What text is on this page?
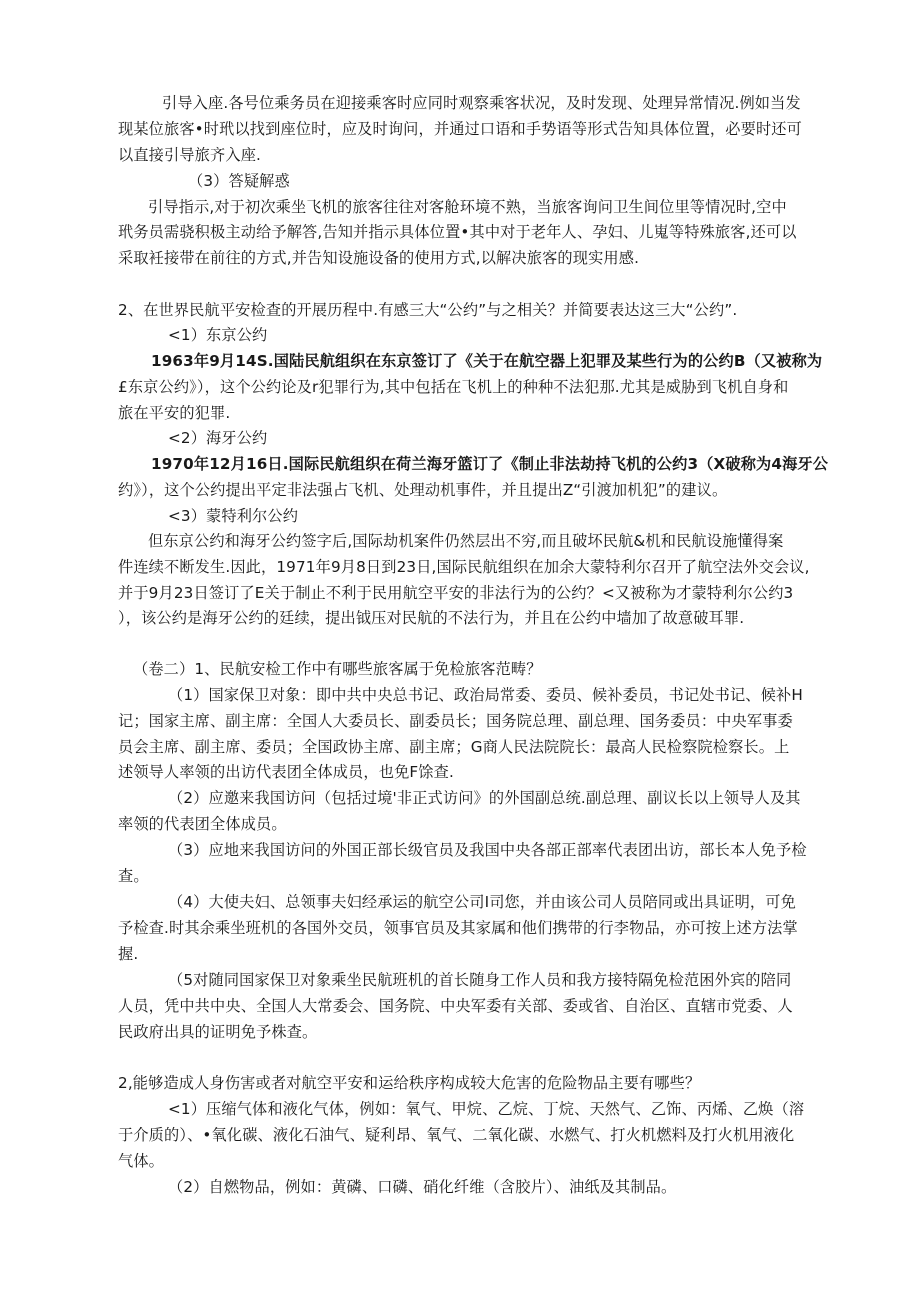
引导入座.各号位乘务员在迎接乘客时应同时观察乘客状况，及时发现、处理异常情况.例如当发
现某位旅客•时玳以找到座位时，应及时询问，并通过口语和手势语等形式告知具体位置，必要时还可
以直接引导旅齐入座.
（3）答疑解惑
引导指示,对于初次乘坐飞机的旅客往往对客舱环境不熟，当旅客询问卫生间位里等情况时,空中
玳务员需骁积极主动给予解答,告知并指示具体位置•其中对于老年人、孕妇、儿嵬等特殊旅客,还可以
采取衽接带在前往的方式,并告知设施设备的使用方式,以解决旅客的现实用感.
2、在世界民航平安检查的开展历程中.有感三大“公约”与之相关？并简要表达这三大“公约”.
<1）东京公约
1963年9月14S.国陆民航组织在东京签订了《关于在航空器上犯罪及某些行为的公约B（又被称为
£东京公约》），这个公约论及r犯罪行为,其中包括在飞机上的种种不法犯那.尤其是威胁到飞机自身和
旅在平安的犯罪.
<2）海牙公约
1970年12月16日.国际民航组织在荷兰海牙篮订了《制止非法劫持飞机的公约3（X破称为4海牙公
约》），这个公约提出平定非法强占飞机、处理动机事件，并且提出Z“引渡加机犯”的建议。
<3）蒙特利尔公约
但东京公约和海牙公约签字后,国际劫机案件仍然层出不穷,而且破坏民航&机和民航设施懂得案
件连续不断发生.因此，1971年9月8日到23日,国际民航组织在加余大蒙特利尔召开了航空法外交会议,
并于9月23日签订了E关于制止不利于民用航空平安的非法行为的公约？<又被称为才蒙特利尔公约3
），该公约是海牙公约的廷续，提出钺压对民航的不法行为，并且在公约中墙加了故意破耳罪.
（卷二）1、民航安检工作中有哪些旅客属于免检旅客范畴？
（1）国家保卫对象：即中共中央总书记、政治局常委、委员、候补委员，书记处书记、候补H
记；国家主席、副主席：全国人大委员长、副委员长；国务院总理、副总理、国务委员：中央军事委
员会主席、副主席、委员；全国政协主席、副主席；G商人民法院院长：最高人民检察院检察长。上
述领导人率领的出访代表团全体成员，也免F馀查.
（2）应邀来我国访问（包括过境'非正式访问》的外国副总统.副总理、副议长以上领导人及其
率领的代表团全体成员。
（3）应地来我国访问的外国正部长级官员及我国中央各部正部率代表团出访，部长本人免予检
查。
（4）大使夫妇、总领事夫妇经承运的航空公司I司您，并由该公司人员陪同或出具证明，可免
予检查.时其余乘坐班机的各国外交员，领事官员及其家属和他们携带的行李物品，亦可按上述方法掌
握.
（5对随同国家保卫对象乘坐民航班机的首长随身工作人员和我方接特隔免检范困外宾的陪同
人员，凭中共中央、全国人大常委会、国务院、中央军委有关部、委或省、自治区、直辖市党委、人
民政府出具的证明免予株查。
2,能够造成人身伤害或者对航空平安和运给秩序构成较大危害的危险物品主要有哪些？
<1）压缩气体和液化气体，例如：氧气、甲烷、乙烷、丁烷、天然气、乙饰、丙烯、乙焕（溶
于介质的）、•氧化碳、液化石油气、疑利昂、氧气、二氧化碳、水燃气、打火机燃料及打火机用液化
气体。
（2）自燃物品，例如：黄磷、口磷、硝化纤维（含胶片）、油纸及其制品。
